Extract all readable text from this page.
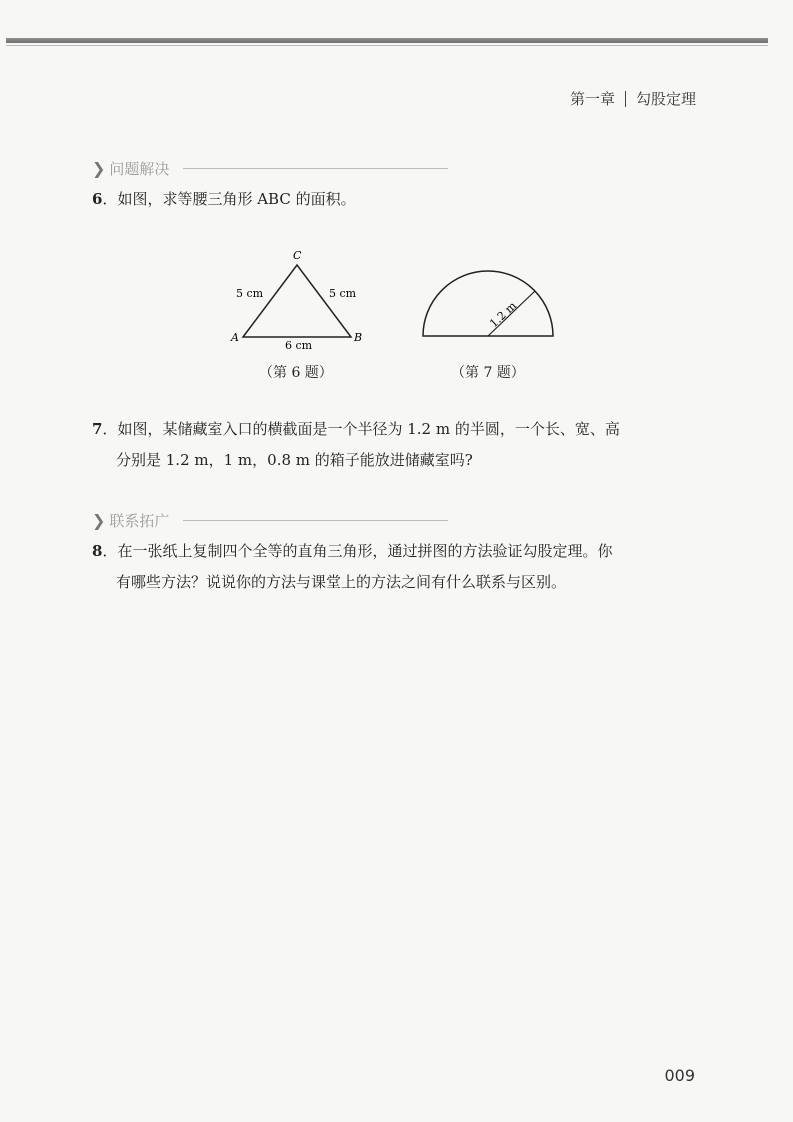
第一章 勾股定理
❯ 问题解决
6．如图，求等腰三角形 ABC 的面积。
C
A	B
5 cm	5 cm
6 cm
1.2 m
（第 6 题）	（第 7 题）
7．如图，某储藏室入口的横截面是一个半径为 1.2 m 的半圆，一个长、宽、高
分别是 1.2 m，1 m，0.8 m 的箱子能放进储藏室吗?
❯ 联系拓广
8．在一张纸上复制四个全等的直角三角形，通过拼图的方法验证勾股定理。你
有哪些方法？说说你的方法与课堂上的方法之间有什么联系与区别。
009
